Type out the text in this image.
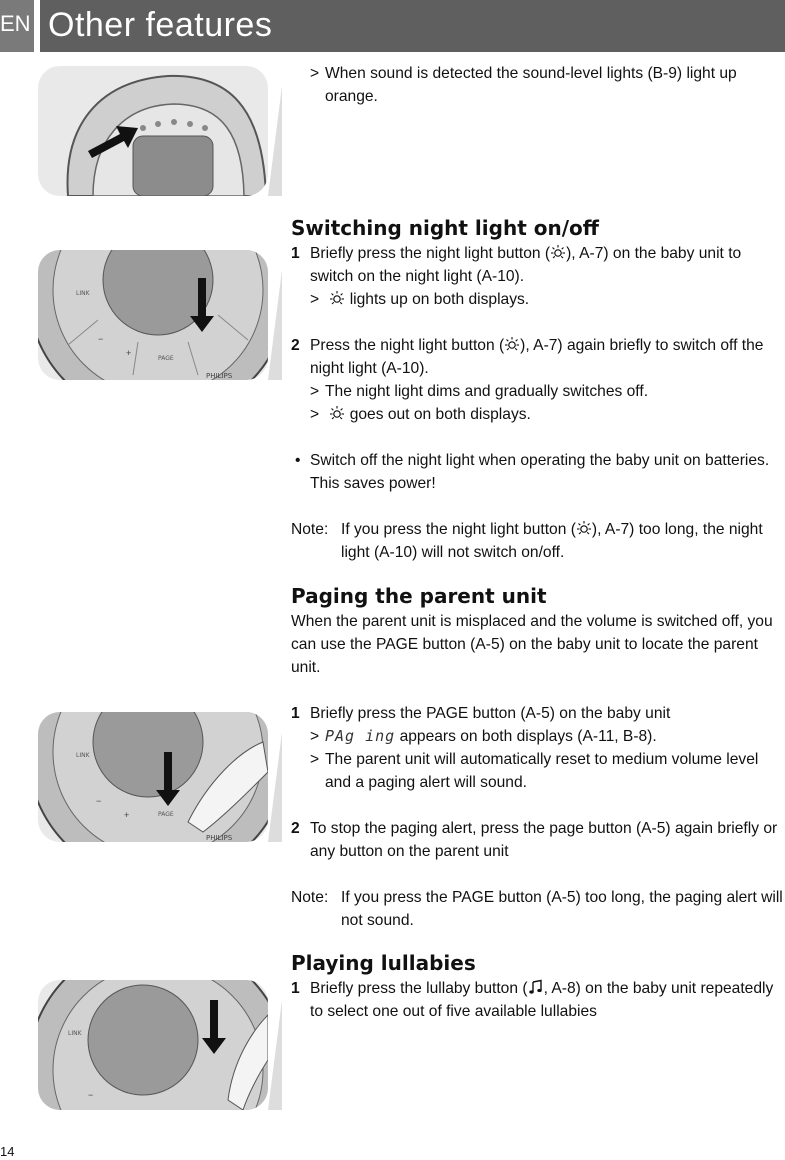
EN Other features
LINK
−
+
PAGE
PHILIPS
LINK
−
+	PAGE
PHILIPS
LINK
−
> When sound is detected the sound-level lights (B-9) light up orange.
Switching night light on/off
1 Briefly press the night light button ( ), A-7) on the baby unit to switch on the night light (A-10).
> lights up on both displays.
2 Press the night light button ( ), A-7) again briefly to switch off the night light (A-10).
> The night light dims and gradually switches off.
> goes out on both displays.
• Switch off the night light when operating the baby unit on batteries. This saves power!
Note: If you press the night light button ( ), A-7) too long, the night light (A-10) will not switch on/off.
Paging the parent unit

When the parent unit is misplaced and the volume is switched off, you can use the PAGE button (A-5) on the baby unit to locate the parent unit.

1 Briefly press the PAGE button (A-5) on the baby unit
> PAg ing appears on both displays (A-11, B-8).
> The parent unit will automatically reset to medium volume level and a paging alert will sound.
2 To stop the paging alert, press the page button (A-5) again briefly or any button on the parent unit
Note: If you press the PAGE button (A-5) too long, the paging alert will not sound.
Playing lullabies
1 Briefly press the lullaby button ( , A-8) on the baby unit repeatedly to select one out of five available lullabies
14
